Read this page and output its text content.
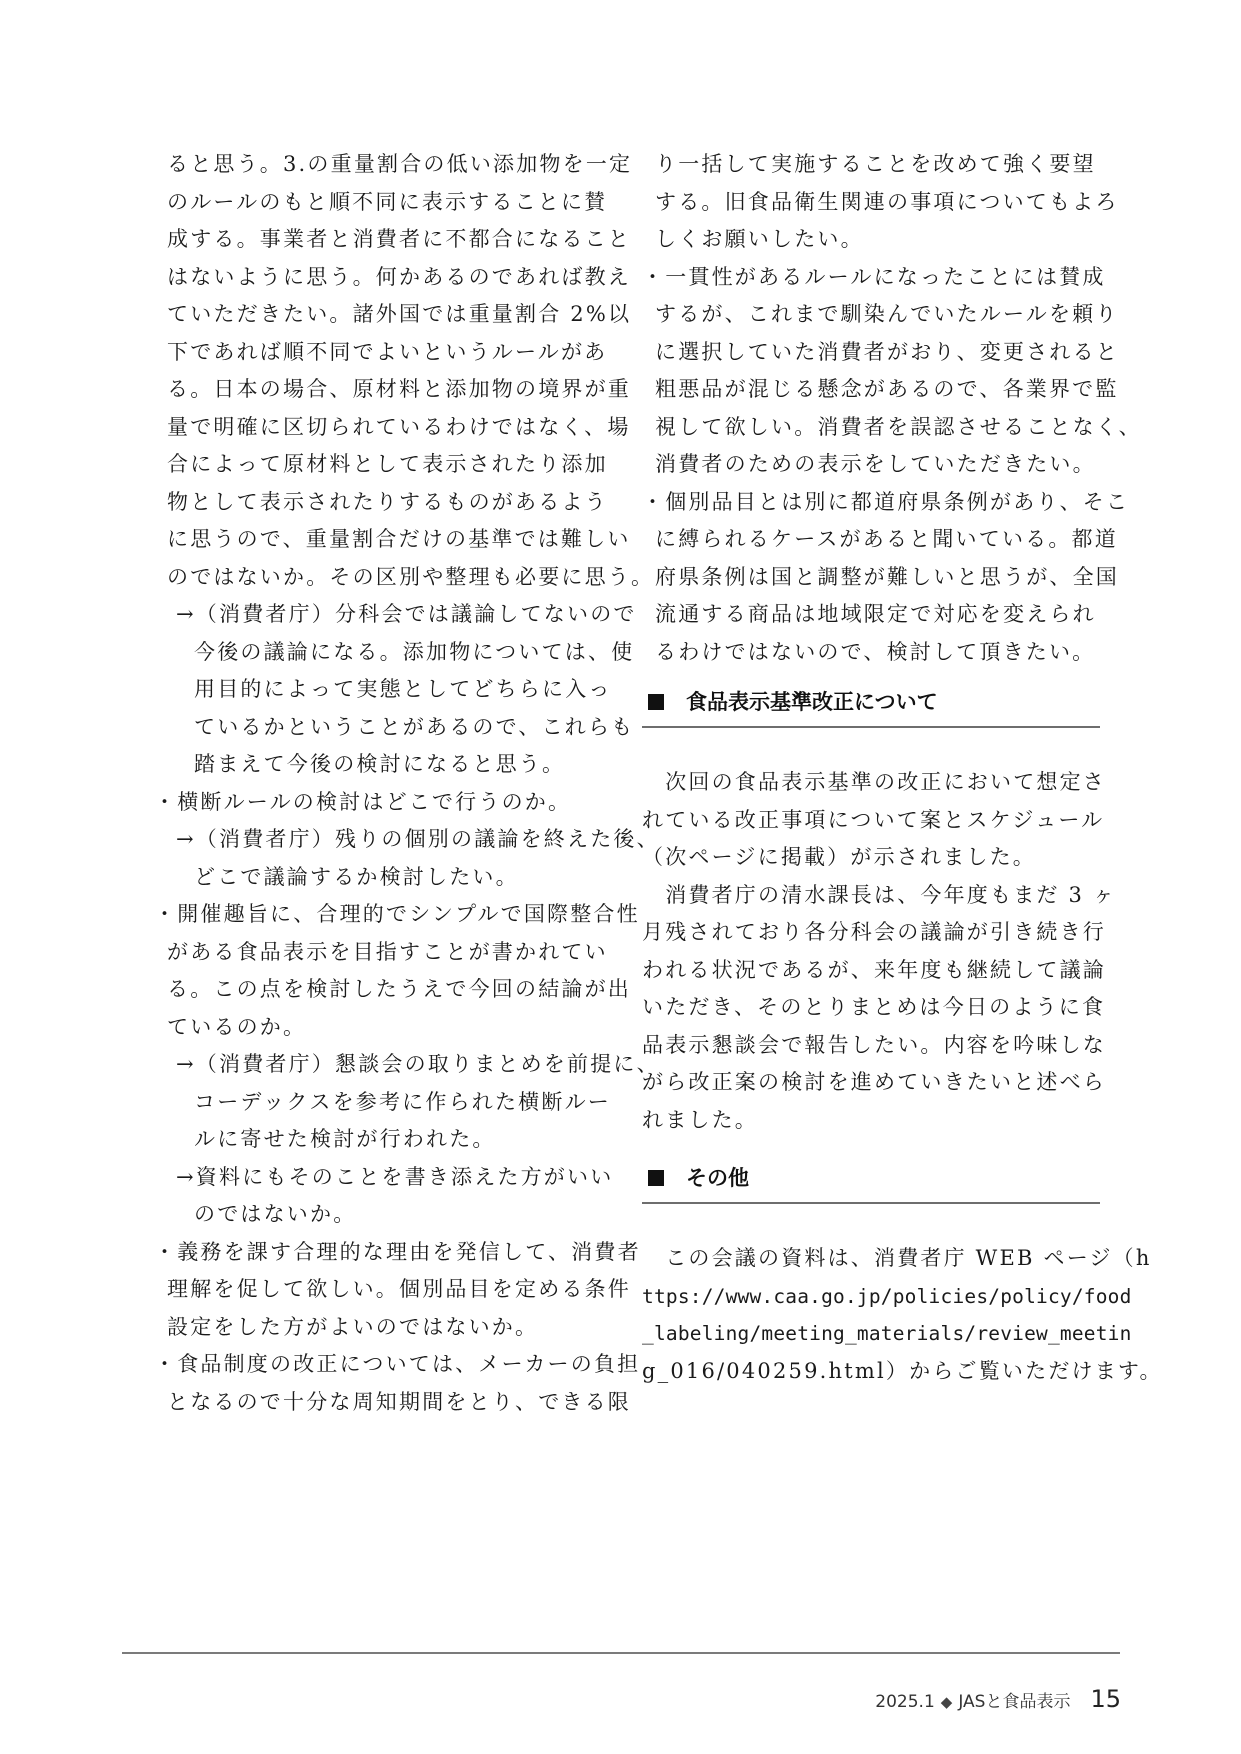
ると思う。3.の重量割合の低い添加物を一定
のルールのもと順不同に表示することに賛
成する。事業者と消費者に不都合になること
はないように思う。何かあるのであれば教え
ていただきたい。諸外国では重量割合 2%以
下であれば順不同でよいというルールがあ
る。日本の場合、原材料と添加物の境界が重
量で明確に区切られているわけではなく、場
合によって原材料として表示されたり添加
物として表示されたりするものがあるよう
に思うので、重量割合だけの基準では難しい
のではないか。その区別や整理も必要に思う。
→（消費者庁）分科会では議論してないので
今後の議論になる。添加物については、使
用目的によって実態としてどちらに入っ
ているかということがあるので、これらも
踏まえて今後の検討になると思う。
・横断ルールの検討はどこで行うのか。
→（消費者庁）残りの個別の議論を終えた後、
どこで議論するか検討したい。
・開催趣旨に、合理的でシンプルで国際整合性
がある食品表示を目指すことが書かれてい
る。この点を検討したうえで今回の結論が出
ているのか。
→（消費者庁）懇談会の取りまとめを前提に、
コーデックスを参考に作られた横断ルー
ルに寄せた検討が行われた。
→資料にもそのことを書き添えた方がいい
のではないか。
・義務を課す合理的な理由を発信して、消費者
理解を促して欲しい。個別品目を定める条件
設定をした方がよいのではないか。
・食品制度の改正については、メーカーの負担
となるので十分な周知期間をとり、できる限
り一括して実施することを改めて強く要望
する。旧食品衛生関連の事項についてもよろ
しくお願いしたい。
・一貫性があるルールになったことには賛成
するが、これまで馴染んでいたルールを頼り
に選択していた消費者がおり、変更されると
粗悪品が混じる懸念があるので、各業界で監
視して欲しい。消費者を誤認させることなく、
消費者のための表示をしていただきたい。
・個別品目とは別に都道府県条例があり、そこ
に縛られるケースがあると聞いている。都道
府県条例は国と調整が難しいと思うが、全国
流通する商品は地域限定で対応を変えられ
るわけではないので、検討して頂きたい。
食品表示基準改正について
　次回の食品表示基準の改正において想定さ
れている改正事項について案とスケジュール
（次ページに掲載）が示されました。
　消費者庁の清水課長は、今年度もまだ 3 ヶ
月残されており各分科会の議論が引き続き行
われる状況であるが、来年度も継続して議論
いただき、そのとりまとめは今日のように食
品表示懇談会で報告したい。内容を吟味しな
がら改正案の検討を進めていきたいと述べら
れました。
その他
　この会議の資料は、消費者庁 WEB ページ（h
ttps://www.caa.go.jp/policies/policy/food
_labeling/meeting_materials/review_meetin
g_016/040259.html）からご覧いただけます。
2025.1 ◆ JASと食品表示 15
